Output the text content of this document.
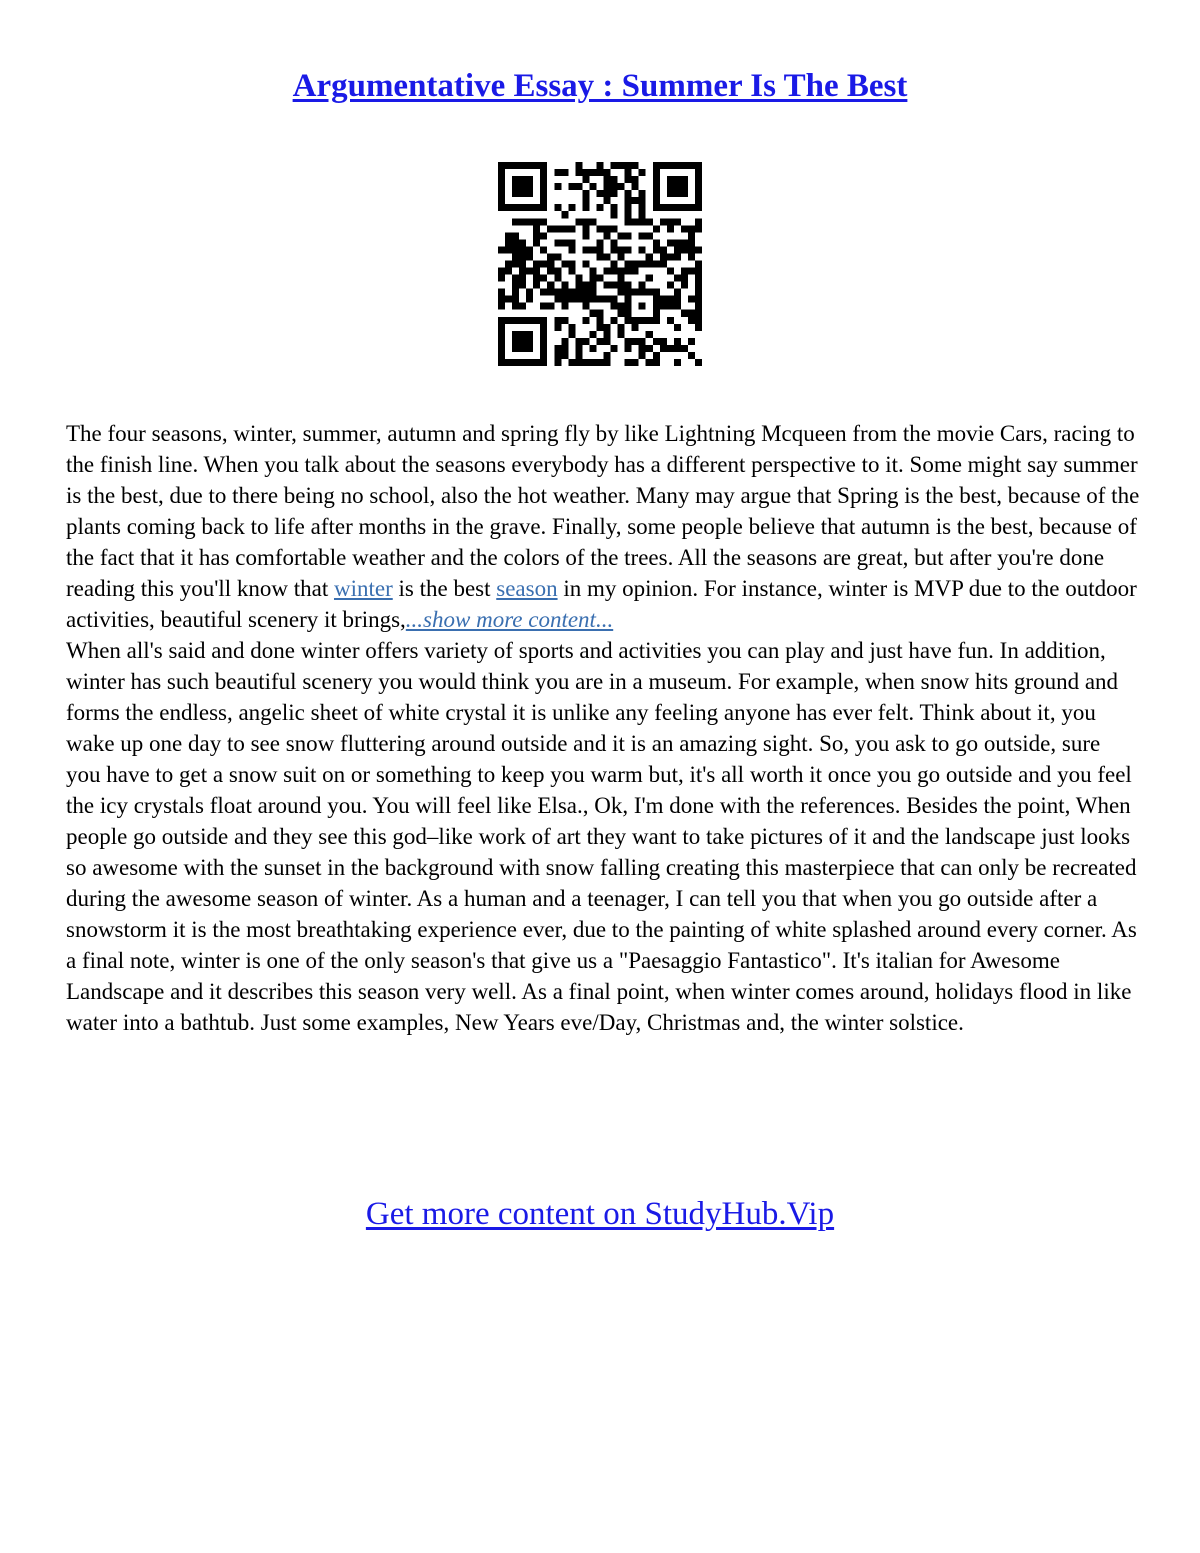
Argumentative Essay : Summer Is The Best

The four seasons, winter, summer, autumn and spring fly by like Lightning Mcqueen from the movie Cars, racing to the finish line. When you talk about the seasons everybody has a different perspective to it. Some might say summer is the best, due to there being no school, also the hot weather. Many may argue that Spring is the best, because of the plants coming back to life after months in the grave. Finally, some people believe that autumn is the best, because of the fact that it has comfortable weather and the colors of the trees. All the seasons are great, but after you're done reading this you'll know that winter is the best season in my opinion. For instance, winter is MVP due to the outdoor activities, beautiful scenery it brings,...show more content...

When all's said and done winter offers variety of sports and activities you can play and just have fun. In addition, winter has such beautiful scenery you would think you are in a museum. For example, when snow hits ground and forms the endless, angelic sheet of white crystal it is unlike any feeling anyone has ever felt. Think about it, you wake up one day to see snow fluttering around outside and it is an amazing sight. So, you ask to go outside, sure you have to get a snow suit on or something to keep you warm but, it's all worth it once you go outside and you feel the icy crystals float around you. You will feel like Elsa., Ok, I'm done with the references. Besides the point, When people go outside and they see this god–like work of art they want to take pictures of it and the landscape just looks so awesome with the sunset in the background with snow falling creating this masterpiece that can only be recreated during the awesome season of winter. As a human and a teenager, I can tell you that when you go outside after a snowstorm it is the most breathtaking experience ever, due to the painting of white splashed around every corner. As a final note, winter is one of the only season's that give us a "Paesaggio Fantastico". It's italian for Awesome Landscape and it describes this season very well. As a final point, when winter comes around, holidays flood in like water into a bathtub. Just some examples, New Years eve/Day, Christmas and, the winter solstice.

Get more content on StudyHub.Vip
